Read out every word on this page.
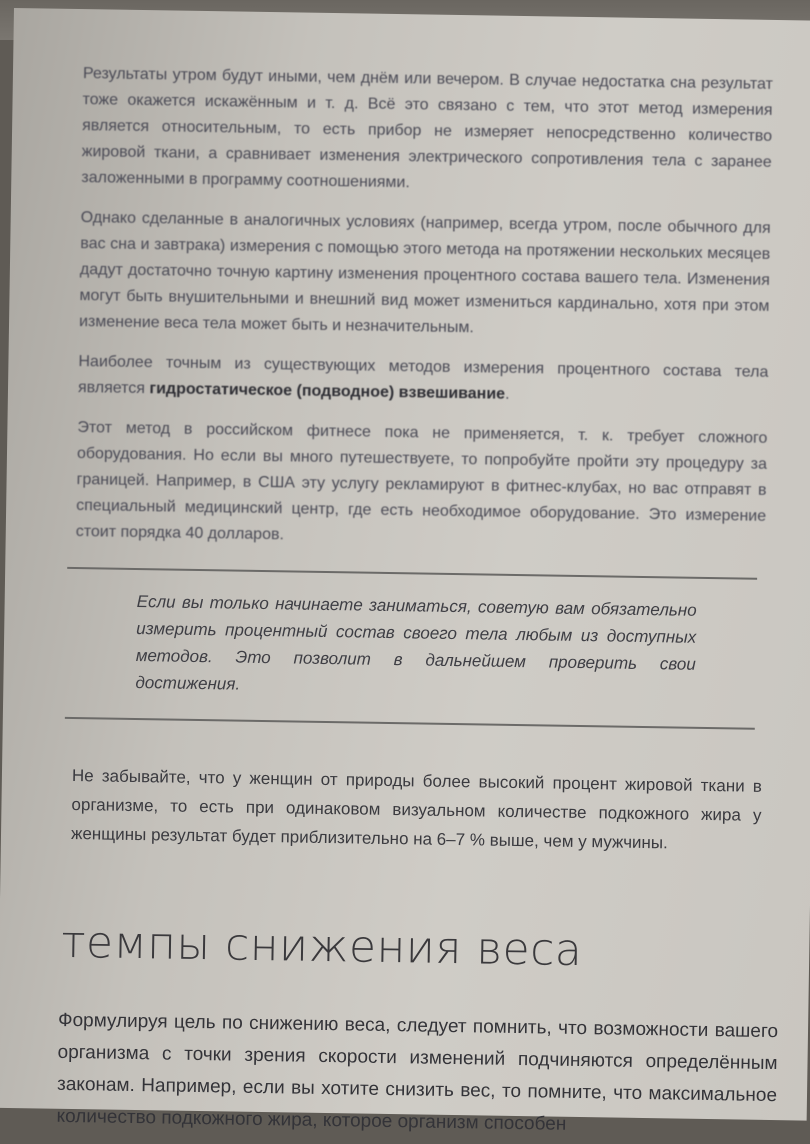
Результаты утром будут иными, чем днём или вечером. В случае недостатка сна результат тоже окажется искажённым и т. д. Всё это связано с тем, что этот метод измерения является относительным, то есть прибор не измеряет непосредственно количество жировой ткани, а сравнивает изменения электрического сопротивления тела с заранее заложенными в программу соотношениями.

Однако сделанные в аналогичных условиях (например, всегда утром, после обычного для вас сна и завтрака) измерения с помощью этого метода на протяжении нескольких месяцев дадут достаточно точную картину изменения процентного состава вашего тела. Изменения могут быть внушительными и внешний вид может измениться кардинально, хотя при этом изменение веса тела может быть и незначительным.

Наиболее точным из существующих методов измерения процентного состава тела является гидростатическое (подводное) взвешивание.

Этот метод в российском фитнесе пока не применяется, т. к. требует сложного оборудования. Но если вы много путешествуете, то попробуйте пройти эту процедуру за границей. Например, в США эту услугу рекламируют в фитнес-клубах, но вас отправят в специальный медицинский центр, где есть необходимое оборудование. Это измерение стоит порядка 40 долларов.

Если вы только начинаете заниматься, советую вам обязательно измерить процентный состав своего тела любым из доступных методов. Это позволит в дальнейшем проверить свои достижения.

Не забывайте, что у женщин от природы более высокий процент жировой ткани в организме, то есть при одинаковом визуальном количестве подкожного жира у женщины результат будет приблизительно на 6–7 % выше, чем у мужчины.

темпы снижения веса

Формулируя цель по снижению веса, следует помнить, что возможности вашего организма с точки зрения скорости изменений подчиняются определённым законам. Например, если вы хотите снизить вес, то помните, что максимальное количество подкожного жира, которое организм способен
